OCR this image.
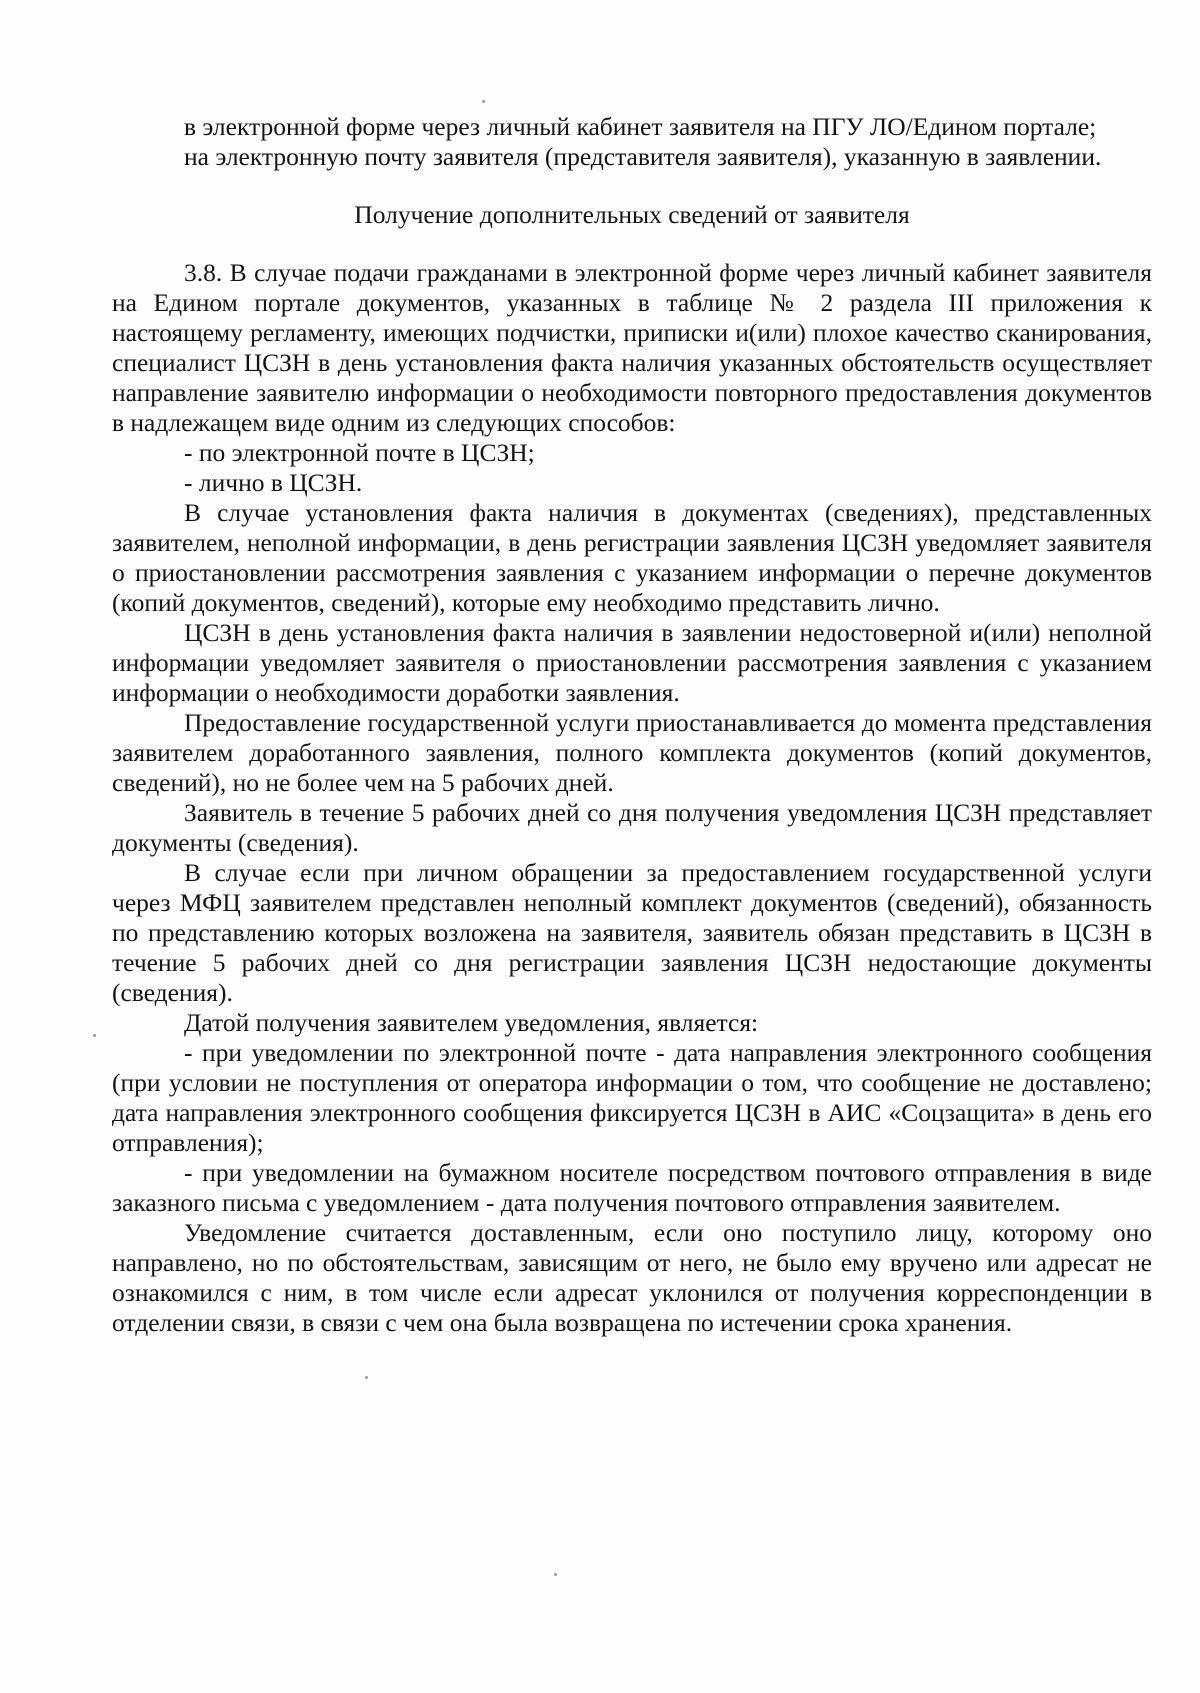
в электронной форме через личный кабинет заявителя на ПГУ ЛО/Едином портале;

на электронную почту заявителя (представителя заявителя), указанную в заявлении.

Получение дополнительных сведений от заявителя

3.8. В случае подачи гражданами в электронной форме через личный кабинет заявителя на Едином портале документов, указанных в таблице № 2 раздела III приложения к настоящему регламенту, имеющих подчистки, приписки и(или) плохое качество сканирования, специалист ЦСЗН в день установления факта наличия указанных обстоятельств осуществляет направление заявителю информации о необходимости повторного предоставления документов в надлежащем виде одним из следующих способов:

- по электронной почте в ЦСЗН;

- лично в ЦСЗН.

В случае установления факта наличия в документах (сведениях), представленных заявителем, неполной информации, в день регистрации заявления ЦСЗН уведомляет заявителя о приостановлении рассмотрения заявления с указанием информации о перечне документов (копий документов, сведений), которые ему необходимо представить лично.

ЦСЗН в день установления факта наличия в заявлении недостоверной и(или) неполной информации уведомляет заявителя о приостановлении рассмотрения заявления с указанием информации о необходимости доработки заявления.

Предоставление государственной услуги приостанавливается до момента представления заявителем доработанного заявления, полного комплекта документов (копий документов, сведений), но не более чем на 5 рабочих дней.

Заявитель в течение 5 рабочих дней со дня получения уведомления ЦСЗН представляет документы (сведения).

В случае если при личном обращении за предоставлением государственной услуги через МФЦ заявителем представлен неполный комплект документов (сведений), обязанность по представлению которых возложена на заявителя, заявитель обязан представить в ЦСЗН в течение 5 рабочих дней со дня регистрации заявления ЦСЗН недостающие документы (сведения).

Датой получения заявителем уведомления, является:

- при уведомлении по электронной почте - дата направления электронного сообщения (при условии не поступления от оператора информации о том, что сообщение не доставлено; дата направления электронного сообщения фиксируется ЦСЗН в АИС «Соцзащита» в день его отправления);

- при уведомлении на бумажном носителе посредством почтового отправления в виде заказного письма с уведомлением - дата получения почтового отправления заявителем.

Уведомление считается доставленным, если оно поступило лицу, которому оно направлено, но по обстоятельствам, зависящим от него, не было ему вручено или адресат не ознакомился с ним, в том числе если адресат уклонился от получения корреспонденции в отделении связи, в связи с чем она была возвращена по истечении срока хранения.
